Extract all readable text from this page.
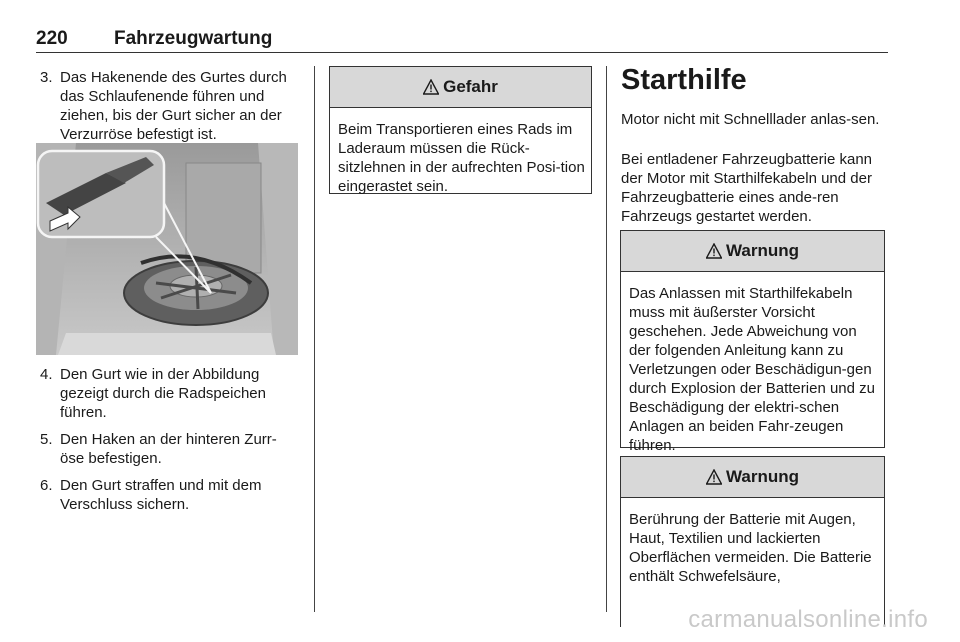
220 Fahrzeugwartung
3. Das Hakenende des Gurtes durch das Schlaufenende führen und ziehen, bis der Gurt sicher an der Verzurröse befestigt ist.
4. Den Gurt wie in der Abbildung gezeigt durch die Radspeichen führen.
5. Den Haken an der hinteren Zurr-öse befestigen.
6. Den Gurt straffen und mit dem Verschluss sichern.
Gefahr
Beim Transportieren eines Rads im Laderaum müssen die Rück-sitzlehnen in der aufrechten Posi-tion eingerastet sein.
Starthilfe

Motor nicht mit Schnelllader anlas-sen.

Bei entladener Fahrzeugbatterie kann der Motor mit Starthilfekabeln und der Fahrzeugbatterie eines ande-ren Fahrzeugs gestartet werden.

Warnung
Das Anlassen mit Starthilfekabeln muss mit äußerster Vorsicht geschehen. Jede Abweichung von der folgenden Anleitung kann zu Verletzungen oder Beschädigun-gen durch Explosion der Batterien und zu Beschädigung der elektri-schen Anlagen an beiden Fahr-zeugen führen.
Warnung
Berührung der Batterie mit Augen, Haut, Textilien und lackierten Oberflächen vermeiden. Die Batterie enthält Schwefelsäure,
carmanualsonline.info
